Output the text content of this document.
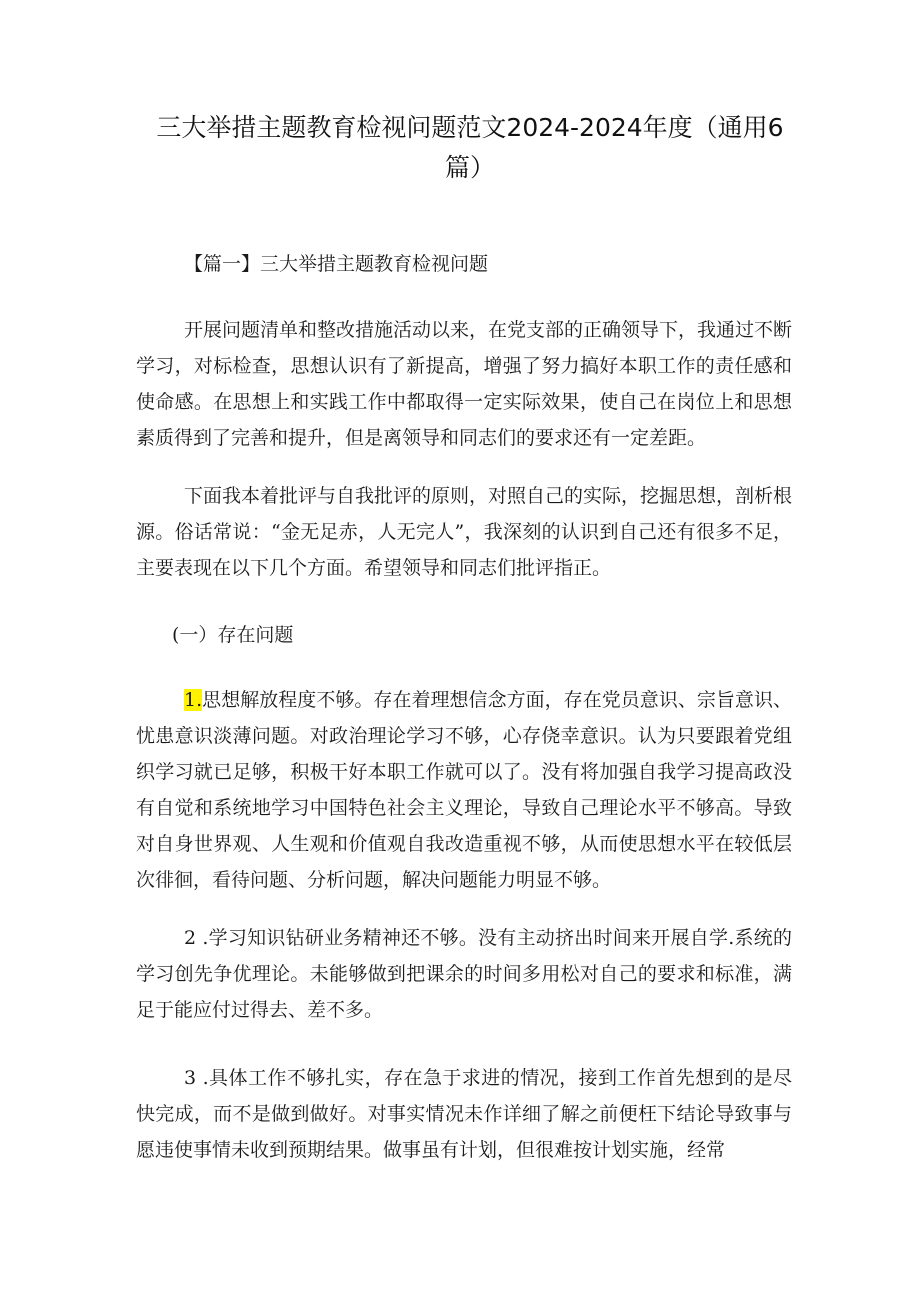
三大举措主题教育检视问题范文2024-2024年度（通用6篇）

【篇一】三大举措主题教育检视问题

开展问题清单和整改措施活动以来，在党支部的正确领导下，我通过不断学习，对标检查，思想认识有了新提高，增强了努力搞好本职工作的责任感和使命感。在思想上和实践工作中都取得一定实际效果，使自己在岗位上和思想素质得到了完善和提升，但是离领导和同志们的要求还有一定差距。

下面我本着批评与自我批评的原则，对照自己的实际，挖掘思想，剖析根源。俗话常说：“金无足赤，人无完人”，我深刻的认识到自己还有很多不足，主要表现在以下几个方面。希望领导和同志们批评指正。

(一）存在问题

1.思想解放程度不够。存在着理想信念方面，存在党员意识、宗旨意识、忧患意识淡薄问题。对政治理论学习不够，心存侥幸意识。认为只要跟着党组织学习就已足够，积极干好本职工作就可以了。没有将加强自我学习提高政没有自觉和系统地学习中国特色社会主义理论，导致自己理论水平不够高。导致对自身世界观、人生观和价值观自我改造重视不够，从而使思想水平在较低层次徘徊，看待问题、分析问题，解决问题能力明显不够。

2 .学习知识钻研业务精神还不够。没有主动挤出时间来开展自学.系统的学习创先争优理论。未能够做到把课余的时间多用松对自己的要求和标准，满足于能应付过得去、差不多。

3 .具体工作不够扎实，存在急于求进的情况，接到工作首先想到的是尽快完成，而不是做到做好。对事实情况未作详细了解之前便枉下结论导致事与愿违使事情未收到预期结果。做事虽有计划，但很难按计划实施，经常
